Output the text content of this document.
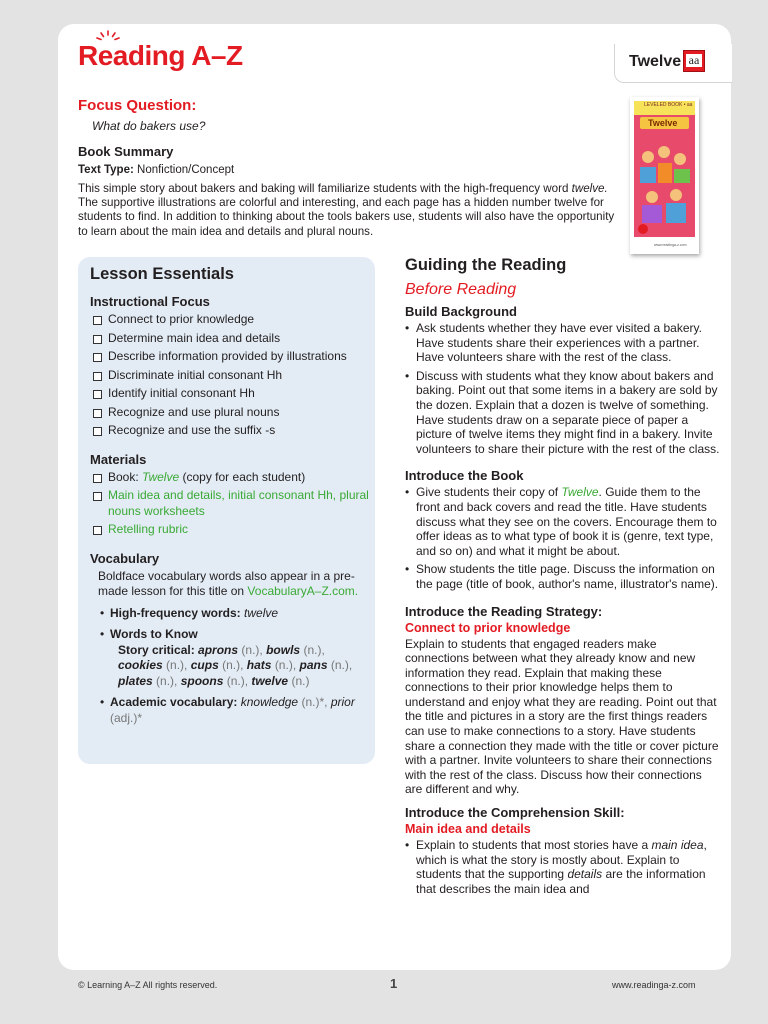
Reading A–Z	Twelve aa
LEVELED BOOK • aa
Twelve
www.readinga-z.com
Focus Question:
What do bakers use?
Book Summary
Text Type: Nonfiction/Concept
This simple story about bakers and baking will familiarize students with the high-frequency word twelve. The supportive illustrations are colorful and interesting, and each page has a hidden number twelve for students to find. In addition to thinking about the tools bakers use, students will also have the opportunity to learn about the main idea and details and plural nouns.
Lesson Essentials
Instructional Focus
Connect to prior knowledge
Determine main idea and details
Describe information provided by illustrations
Discriminate initial consonant Hh
Identify initial consonant Hh
Recognize and use plural nouns
Recognize and use the suffix -s
Materials
Book: Twelve (copy for each student)
Main idea and details, initial consonant Hh, plural nouns worksheets
Retelling rubric
Vocabulary
Boldface vocabulary words also appear in a pre-made lesson for this title on VocabularyA–Z.com.
• High-frequency words: twelve
• Words to Know
Story critical: aprons (n.), bowls (n.), cookies (n.), cups (n.), hats (n.), pans (n.), plates (n.), spoons (n.), twelve (n.)
• Academic vocabulary: knowledge (n.)*, prior (adj.)*
Guiding the Reading
Before Reading
Build Background
• Ask students whether they have ever visited a bakery. Have students share their experiences with a partner. Have volunteers share with the rest of the class.
• Discuss with students what they know about bakers and baking. Point out that some items in a bakery are sold by the dozen. Explain that a dozen is twelve of something. Have students draw on a separate piece of paper a picture of twelve items they might find in a bakery. Invite volunteers to share their picture with the rest of the class.
Introduce the Book
• Give students their copy of Twelve. Guide them to the front and back covers and read the title. Have students discuss what they see on the covers. Encourage them to offer ideas as to what type of book it is (genre, text type, and so on) and what it might be about.
• Show students the title page. Discuss the information on the page (title of book, author's name, illustrator's name).
Introduce the Reading Strategy:
Connect to prior knowledge
Explain to students that engaged readers make connections between what they already know and new information they read. Explain that making these connections to their prior knowledge helps them to understand and enjoy what they are reading. Point out that the title and pictures in a story are the first things readers can use to make connections to a story. Have students share a connection they made with the title or cover picture with a partner. Invite volunteers to share their connections with the rest of the class. Discuss how their connections are different and why.
Introduce the Comprehension Skill:
Main idea and details
• Explain to students that most stories have a main idea, which is what the story is mostly about. Explain to students that the supporting details are the information that describes the main idea and
© Learning A–Z All rights reserved.	1	www.readinga-z.com
